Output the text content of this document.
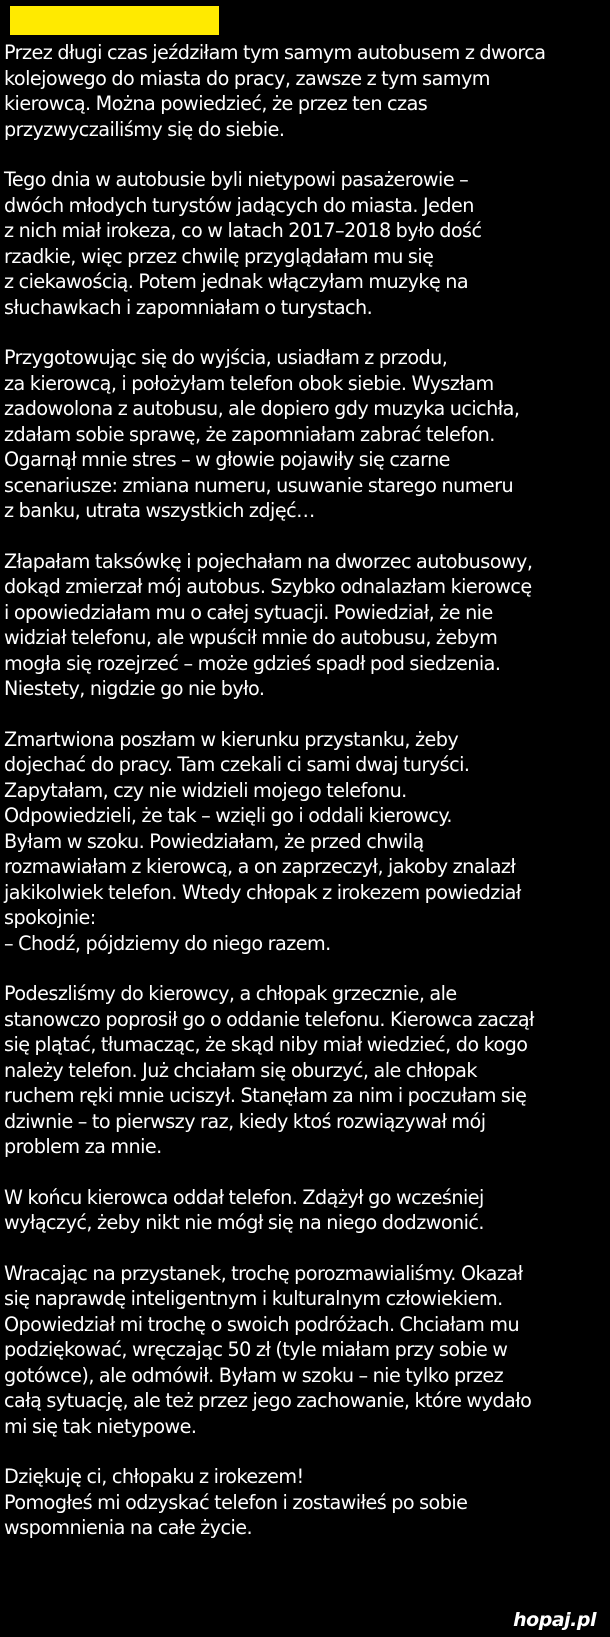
Przez długi czas jeździłam tym samym autobusem z dworca
kolejowego do miasta do pracy, zawsze z tym samym
kierowcą. Można powiedzieć, że przez ten czas
przyzwyczailiśmy się do siebie.

Tego dnia w autobusie byli nietypowi pasażerowie –
dwóch młodych turystów jadących do miasta. Jeden
z nich miał irokeza, co w latach 2017–2018 było dość
rzadkie, więc przez chwilę przyglądałam mu się
z ciekawością. Potem jednak włączyłam muzykę na
słuchawkach i zapomniałam o turystach.

Przygotowując się do wyjścia, usiadłam z przodu,
za kierowcą, i położyłam telefon obok siebie. Wyszłam
zadowolona z autobusu, ale dopiero gdy muzyka ucichła,
zdałam sobie sprawę, że zapomniałam zabrać telefon.
Ogarnął mnie stres – w głowie pojawiły się czarne
scenariusze: zmiana numeru, usuwanie starego numeru
z banku, utrata wszystkich zdjęć…

Złapałam taksówkę i pojechałam na dworzec autobusowy,
dokąd zmierzał mój autobus. Szybko odnalazłam kierowcę
i opowiedziałam mu o całej sytuacji. Powiedział, że nie
widział telefonu, ale wpuścił mnie do autobusu, żebym
mogła się rozejrzeć – może gdzieś spadł pod siedzenia.
Niestety, nigdzie go nie było.

Zmartwiona poszłam w kierunku przystanku, żeby
dojechać do pracy. Tam czekali ci sami dwaj turyści.
Zapytałam, czy nie widzieli mojego telefonu.
Odpowiedzieli, że tak – wzięli go i oddali kierowcy.
Byłam w szoku. Powiedziałam, że przed chwilą
rozmawiałam z kierowcą, a on zaprzeczył, jakoby znalazł
jakikolwiek telefon. Wtedy chłopak z irokezem powiedział
spokojnie:
– Chodź, pójdziemy do niego razem.

Podeszliśmy do kierowcy, a chłopak grzecznie, ale
stanowczo poprosił go o oddanie telefonu. Kierowca zaczął
się plątać, tłumacząc, że skąd niby miał wiedzieć, do kogo
należy telefon. Już chciałam się oburzyć, ale chłopak
ruchem ręki mnie uciszył. Stanęłam za nim i poczułam się
dziwnie – to pierwszy raz, kiedy ktoś rozwiązywał mój
problem za mnie.

W końcu kierowca oddał telefon. Zdążył go wcześniej
wyłączyć, żeby nikt nie mógł się na niego dodzwonić.

Wracając na przystanek, trochę porozmawialiśmy. Okazał
się naprawdę inteligentnym i kulturalnym człowiekiem.
Opowiedział mi trochę o swoich podróżach. Chciałam mu
podziękować, wręczając 50 zł (tyle miałam przy sobie w
gotówce), ale odmówił. Byłam w szoku – nie tylko przez
całą sytuację, ale też przez jego zachowanie, które wydało
mi się tak nietypowe.

Dziękuję ci, chłopaku z irokezem!
Pomogłeś mi odzyskać telefon i zostawiłeś po sobie
wspomnienia na całe życie.

hopaj.pl
